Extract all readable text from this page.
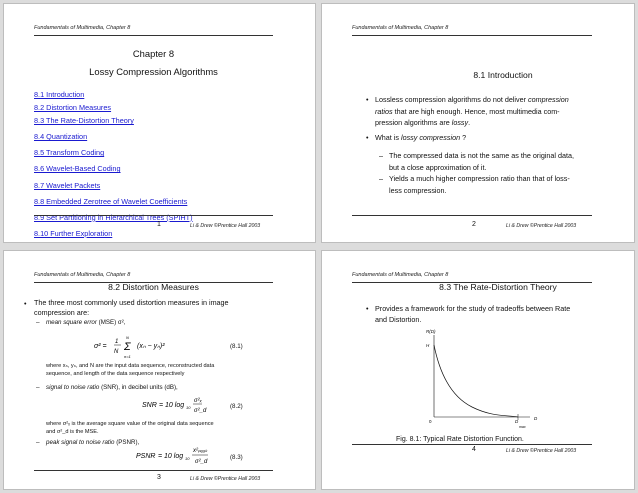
Fundamentals of Multimedia, Chapter 8
Chapter 8
Lossy Compression Algorithms
8.1 Introduction
8.2 Distortion Measures
8.3 The Rate-Distortion Theory
8.4 Quantization
8.5 Transform Coding
8.6 Wavelet-Based Coding
8.7 Wavelet Packets
8.8 Embedded Zerotree of Wavelet Coefficients
8.9 Set Partitioning in Hierarchical Trees (SPIHT)
8.10 Further Exploration
1	Li & Drew ©Prentice Hall 2003
Fundamentals of Multimedia, Chapter 8
8.1 Introduction
• Lossless compression algorithms do not deliver compression
ratios that are high enough. Hence, most multimedia com-
pression algorithms are lossy.
• What is lossy compression ?
– The compressed data is not the same as the original data,
but a close approximation of it.
– Yields a much higher compression ratio than that of loss-
less compression.
2	Li & Drew ©Prentice Hall 2003
Fundamentals of Multimedia, Chapter 8
8.2 Distortion Measures
• The three most commonly used distortion measures in image
compression are:
– mean square error (MSE) σ²,
σ² =
1
N Σ
N
n=1
(xₙ − yₙ)²	(8.1)
where xₙ, yₙ, and N are the input data sequence, reconstructed data
sequence, and length of the data sequence respectively
– signal to noise ratio (SNR), in decibel units (dB),
SNR = 10 log 10
σ²ₓ
σ²_d
(8.2)
where σ²ₓ is the average square value of the original data sequence
and σ²_d is the MSE.
– peak signal to noise ratio (PSNR),
PSNR = 10 log 10
x²ₚₑₐₖ
σ²_d
(8.3)
3	Li & Drew ©Prentice Hall 2003
Fundamentals of Multimedia, Chapter 8
8.3 The Rate-Distortion Theory
• Provides a framework for the study of tradeoffs between Rate
and Distortion.
R(D)
H
0	D
max
D
Fig. 8.1: Typical Rate Distortion Function.
4	Li & Drew ©Prentice Hall 2003
